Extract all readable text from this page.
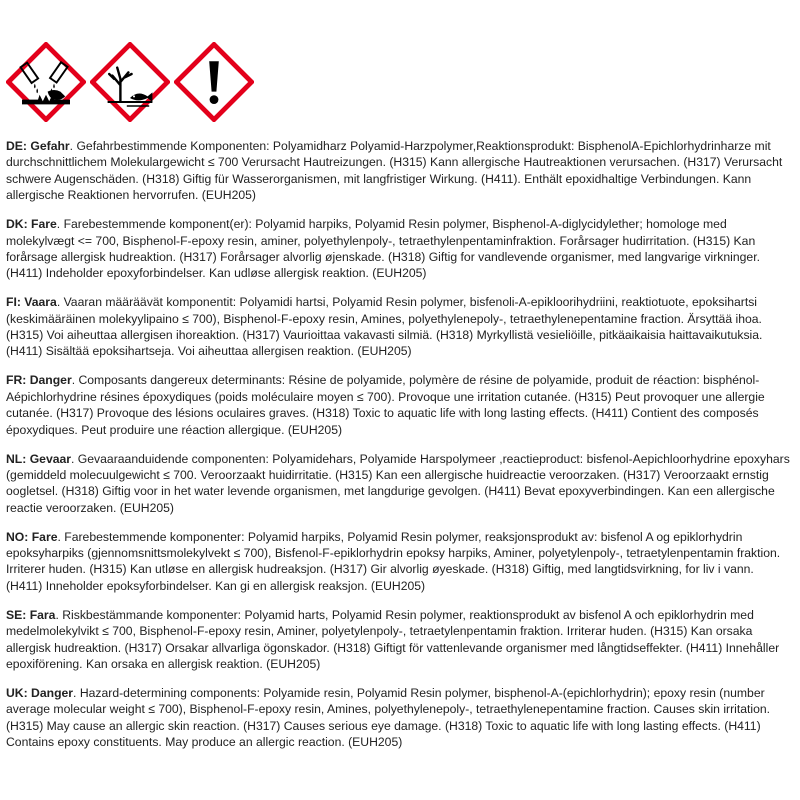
DE: Gefahr. Gefahrbestimmende Komponenten: Polyamidharz Polyamid-Harzpolymer,Reaktionsprodukt: BisphenolA-Epichlorhydrinharze mit durchschnittlichem Molekulargewicht ≤ 700 Verursacht Hautreizungen. (H315) Kann allergische Hautreaktionen verursachen. (H317) Verursacht schwere Augenschäden. (H318) Giftig für Wasserorganismen, mit langfristiger Wirkung. (H411). Enthält epoxidhaltige Verbindungen. Kann allergische Reaktionen hervorrufen. (EUH205)

DK: Fare. Farebestemmende komponent(er): Polyamid harpiks, Polyamid Resin polymer, Bisphenol-A-diglycidylether; homologe med molekylvægt <= 700, Bisphenol-F-epoxy resin, aminer, polyethylenpoly-, tetraethylenpentaminfraktion. Forårsager hudirritation. (H315) Kan forårsage allergisk hudreaktion. (H317) Forårsager alvorlig øjenskade. (H318) Giftig for vandlevende organismer, med langvarige virkninger. (H411) Indeholder epoxyforbindelser. Kan udløse allergisk reaktion. (EUH205)

FI: Vaara. Vaaran määräävät komponentit: Polyamidi hartsi, Polyamid Resin polymer, bisfenoli-A-epikloorihydriini, reaktiotuote, epoksihartsi (keskimääräinen molekyylipaino ≤ 700), Bisphenol-F-epoxy resin, Amines, polyethylenepoly-, tetraethylenepentamine fraction. Ärsyttää ihoa. (H315) Voi aiheuttaa allergisen ihoreaktion. (H317) Vaurioittaa vakavasti silmiä. (H318) Myrkyllistä vesieliöille, pitkäaikaisia haittavaikutuksia. (H411) Sisältää epoksihartseja. Voi aiheuttaa allergisen reaktion. (EUH205)

FR: Danger. Composants dangereux determinants: Résine de polyamide, polymère de résine de polyamide, produit de réaction: bisphénol-Aépichlorhydrine résines époxydiques (poids moléculaire moyen ≤ 700). Provoque une irritation cutanée. (H315) Peut provoquer une allergie cutanée. (H317) Provoque des lésions oculaires graves. (H318) Toxic to aquatic life with long lasting effects. (H411) Contient des composés époxydiques. Peut produire une réaction allergique. (EUH205)

NL: Gevaar. Gevaaraanduidende componenten: Polyamidehars, Polyamide Harspolymeer ,reactieproduct: bisfenol-Aepichloorhydrine epoxyhars (gemiddeld molecuulgewicht ≤ 700. Veroorzaakt huidirritatie. (H315) Kan een allergische huidreactie veroorzaken. (H317) Veroorzaakt ernstig oogletsel. (H318) Giftig voor in het water levende organismen, met langdurige gevolgen. (H411) Bevat epoxyverbindingen. Kan een allergische reactie veroorzaken. (EUH205)

NO: Fare. Farebestemmende komponenter: Polyamid harpiks, Polyamid Resin polymer, reaksjonsprodukt av: bisfenol A og epiklorhydrin epoksyharpiks (gjennomsnittsmolekylvekt ≤ 700), Bisfenol-F-epiklorhydrin epoksy harpiks, Aminer, polyetylenpoly-, tetraetylenpentamin fraktion. Irriterer huden. (H315) Kan utløse en allergisk hudreaksjon. (H317) Gir alvorlig øyeskade. (H318) Giftig, med langtidsvirkning, for liv i vann. (H411) Inneholder epoksyforbindelser. Kan gi en allergisk reaksjon. (EUH205)

SE: Fara. Riskbestämmande komponenter: Polyamid harts, Polyamid Resin polymer, reaktionsprodukt av bisfenol A och epiklorhydrin med medelmolekylvikt ≤ 700, Bisphenol-F-epoxy resin, Aminer, polyetylenpoly-, tetraetylenpentamin fraktion. Irriterar huden. (H315) Kan orsaka allergisk hudreaktion. (H317) Orsakar allvarliga ögonskador. (H318) Giftigt för vattenlevande organismer med långtidseffekter. (H411) Innehåller epoxiförening. Kan orsaka en allergisk reaktion. (EUH205)

UK: Danger. Hazard-determining components: Polyamide resin, Polyamid Resin polymer, bisphenol-A-(epichlorhydrin); epoxy resin (number average molecular weight ≤ 700), Bisphenol-F-epoxy resin, Amines, polyethylenepoly-, tetraethylenepentamine fraction. Causes skin irritation. (H315) May cause an allergic skin reaction. (H317) Causes serious eye damage. (H318) Toxic to aquatic life with long lasting effects. (H411) Contains epoxy constituents. May produce an allergic reaction. (EUH205)
